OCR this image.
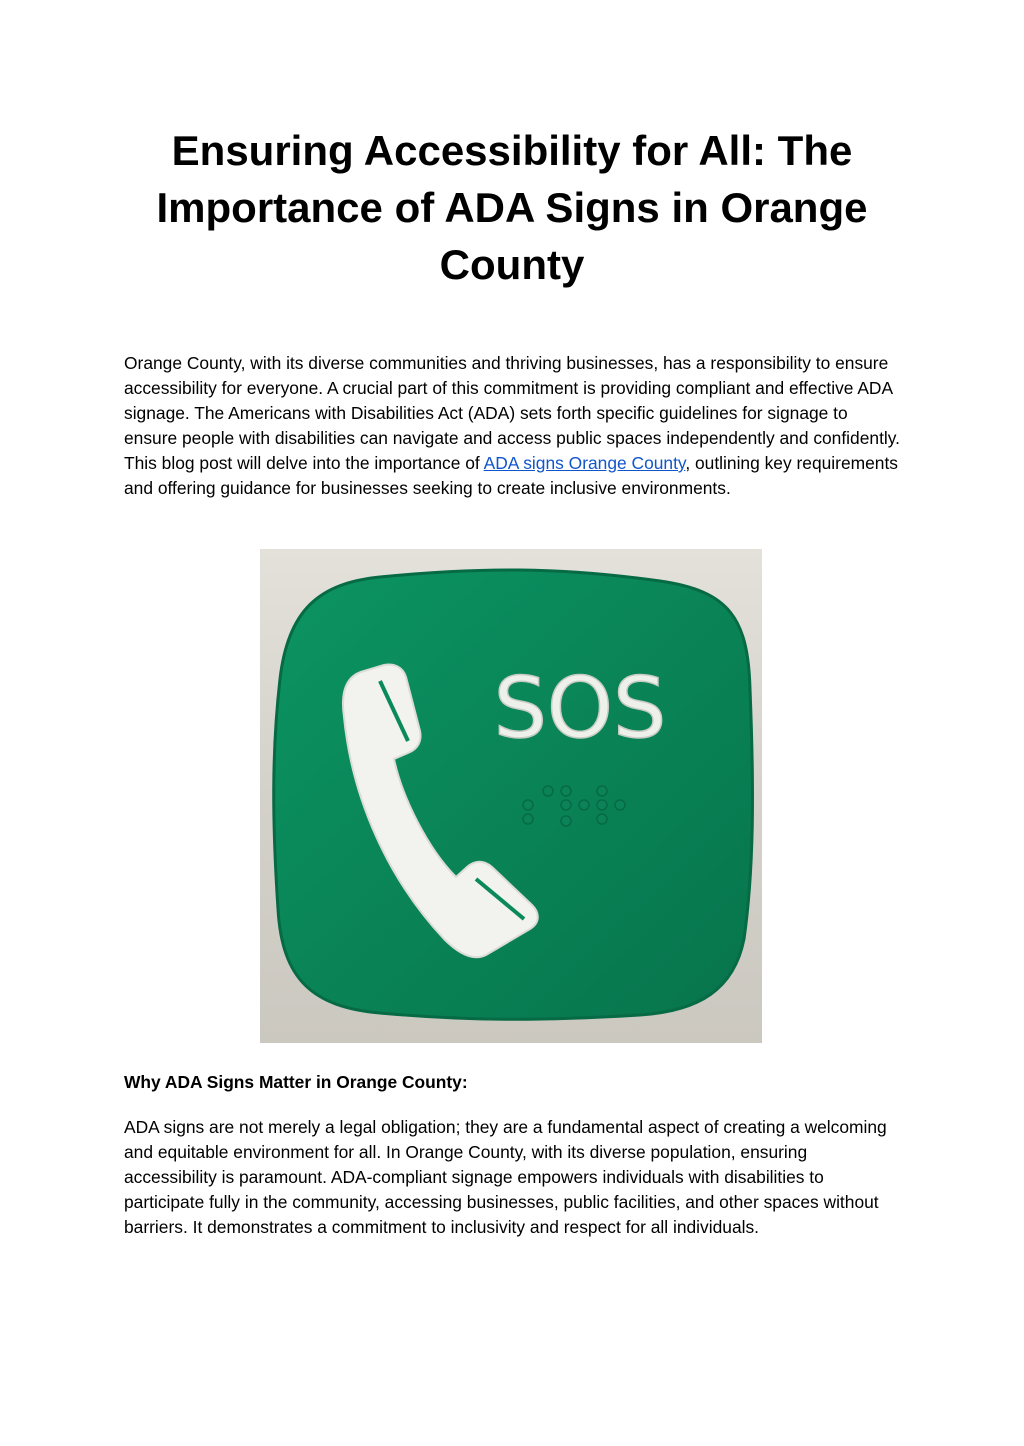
Ensuring Accessibility for All: The Importance of ADA Signs in Orange County

Orange County, with its diverse communities and thriving businesses, has a responsibility to ensure accessibility for everyone. A crucial part of this commitment is providing compliant and effective ADA signage. The Americans with Disabilities Act (ADA) sets forth specific guidelines for signage to ensure people with disabilities can navigate and access public spaces independently and confidently. This blog post will delve into the importance of ADA signs Orange County, outlining key requirements and offering guidance for businesses seeking to create inclusive environments.

SOS
Why ADA Signs Matter in Orange County:

ADA signs are not merely a legal obligation; they are a fundamental aspect of creating a welcoming and equitable environment for all. In Orange County, with its diverse population, ensuring accessibility is paramount. ADA-compliant signage empowers individuals with disabilities to participate fully in the community, accessing businesses, public facilities, and other spaces without barriers. It demonstrates a commitment to inclusivity and respect for all individuals.
